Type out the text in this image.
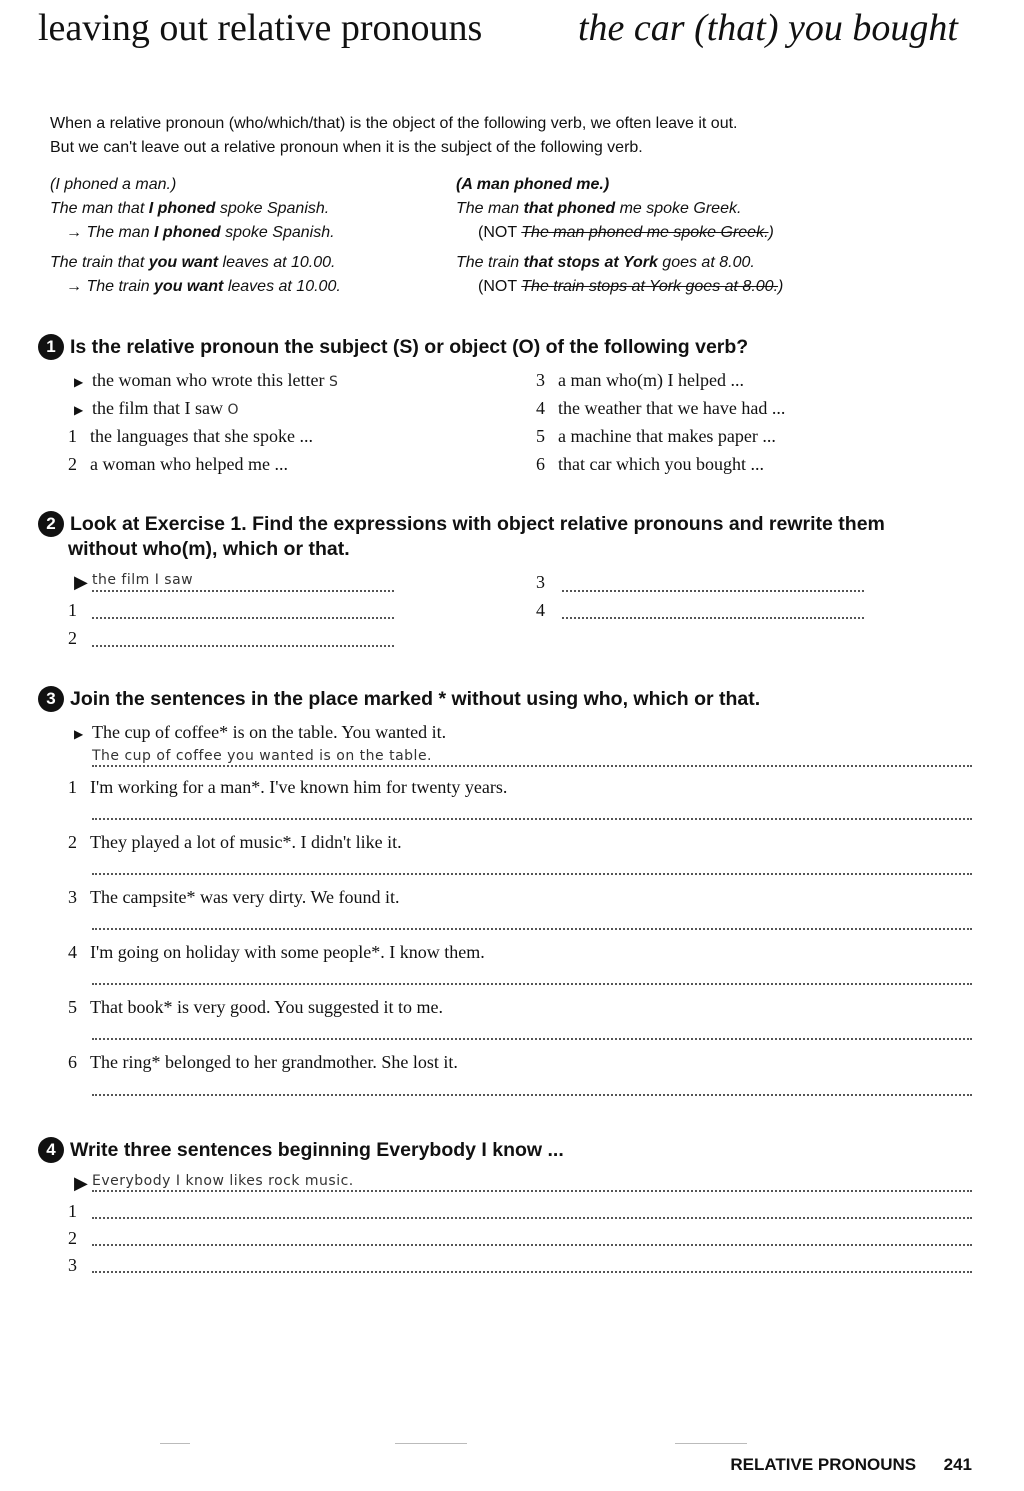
leaving out relative pronouns	the car (that) you bought
When a relative pronoun (who/which/that) is the object of the following verb, we often leave it out.
But we can't leave out a relative pronoun when it is the subject of the following verb.
(I phoned a man.)
The man that I phoned spoke Spanish.
→ The man I phoned spoke Spanish.
The train that you want leaves at 10.00.
→ The train you want leaves at 10.00.
(A man phoned me.)
The man that phoned me spoke Greek.
(NOT The man phoned me spoke Greek.)
The train that stops at York goes at 8.00.
(NOT The train stops at York goes at 8.00.)
1 Is the relative pronoun the subject (S) or object (O) of the following verb?
▶ the woman who wrote this letter S
▶ the film that I saw O
1 the languages that she spoke ...
2 a woman who helped me ...
3 a man who(m) I helped ...
4 the weather that we have had ...
5 a machine that makes paper ...
6 that car which you bought ...
2 Look at Exercise 1. Find the expressions with object relative pronouns and rewrite them
without who(m), which or that.
▶ the film I saw
1
2
3
4
3 Join the sentences in the place marked * without using who, which or that.
▶ The cup of coffee* is on the table. You wanted it.
The cup of coffee you wanted is on the table.
1 I'm working for a man*. I've known him for twenty years.
2 They played a lot of music*. I didn't like it.
3 The campsite* was very dirty. We found it.
4 I'm going on holiday with some people*. I know them.
5 That book* is very good. You suggested it to me.
6 The ring* belonged to her grandmother. She lost it.
4 Write three sentences beginning Everybody I know ...
▶ Everybody I know likes rock music.
1
2
3
RELATIVE PRONOUNS 241
